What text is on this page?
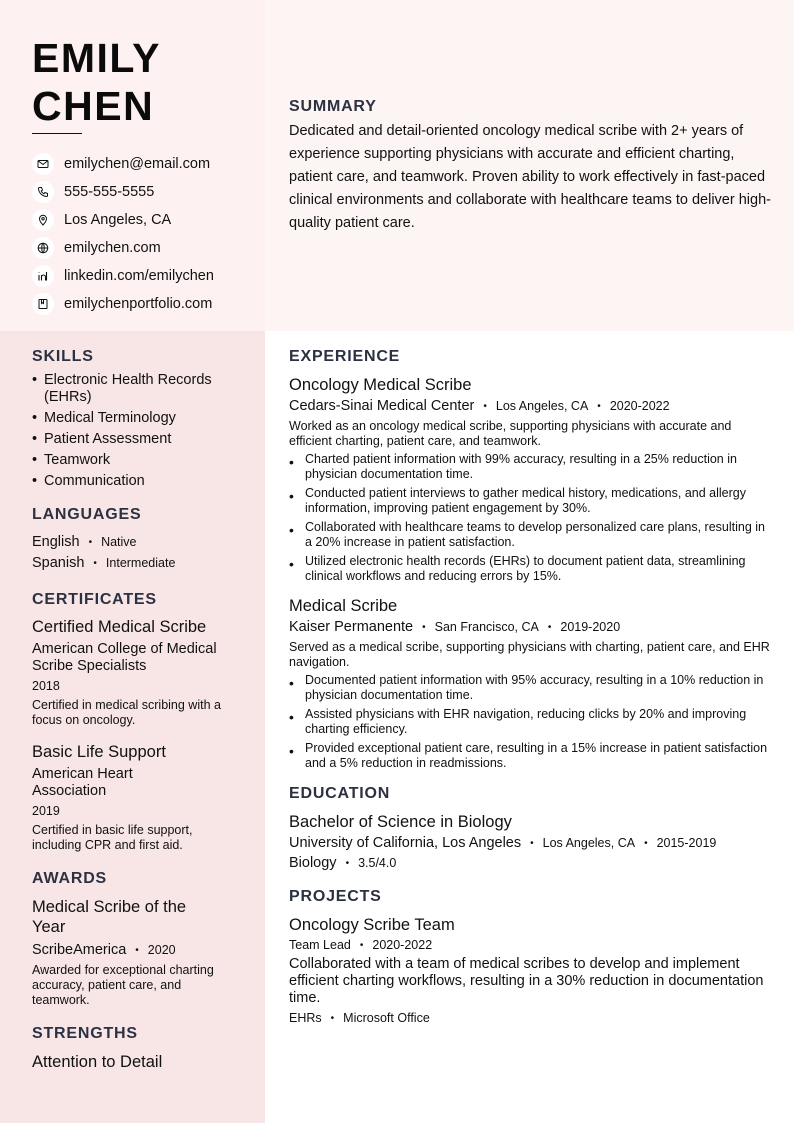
EMILY
CHEN
emilychen@email.com
555-555-5555
Los Angeles, CA
emilychen.com
linkedin.com/emilychen
emilychenportfolio.com
SUMMARY

Dedicated and detail-oriented oncology medical scribe with 2+ years of experience supporting physicians with accurate and efficient charting, patient care, and teamwork. Proven ability to work effectively in fast-paced clinical environments and collaborate with healthcare teams to deliver high-quality patient care.

SKILLS
• Electronic Health Records (EHRs)
• Medical Terminology
• Patient Assessment
• Teamwork
• Communication
LANGUAGES
English • Native
Spanish • Intermediate
CERTIFICATES

Certified Medical Scribe

American College of Medical Scribe Specialists

2018

Certified in medical scribing with a focus on oncology.

Basic Life Support

American Heart Association

2019

Certified in basic life support, including CPR and first aid.

AWARDS

Medical Scribe of the Year

ScribeAmerica • 2020

Awarded for exceptional charting accuracy, patient care, and teamwork.

STRENGTHS

Attention to Detail

EXPERIENCE

Oncology Medical Scribe

Cedars-Sinai Medical Center • Los Angeles, CA • 2020-2022

Worked as an oncology medical scribe, supporting physicians with accurate and efficient charting, patient care, and teamwork.

• Charted patient information with 99% accuracy, resulting in a 25% reduction in physician documentation time.
• Conducted patient interviews to gather medical history, medications, and allergy information, improving patient engagement by 30%.
• Collaborated with healthcare teams to develop personalized care plans, resulting in a 20% increase in patient satisfaction.
• Utilized electronic health records (EHRs) to document patient data, streamlining clinical workflows and reducing errors by 15%.

Medical Scribe

Kaiser Permanente • San Francisco, CA • 2019-2020

Served as a medical scribe, supporting physicians with charting, patient care, and EHR navigation.

• Documented patient information with 95% accuracy, resulting in a 10% reduction in physician documentation time.
• Assisted physicians with EHR navigation, reducing clicks by 20% and improving charting efficiency.
• Provided exceptional patient care, resulting in a 15% increase in patient satisfaction and a 5% reduction in readmissions.
EDUCATION

Bachelor of Science in Biology

University of California, Los Angeles • Los Angeles, CA • 2015-2019
Biology • 3.5/4.0
PROJECTS

Oncology Scribe Team

Team Lead • 2020-2022

Collaborated with a team of medical scribes to develop and implement efficient charting workflows, resulting in a 30% reduction in documentation time.

EHRs • Microsoft Office
